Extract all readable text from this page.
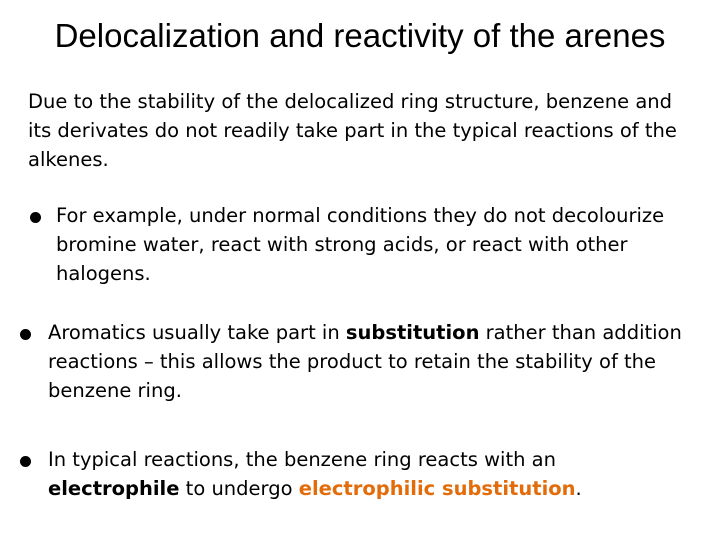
Delocalization and reactivity of the arenes
Due to the stability of the delocalized ring structure, benzene and its derivates do not readily take part in the typical reactions of the alkenes.
For example, under normal conditions they do not decolourize bromine water, react with strong acids, or react with other halogens.
Aromatics usually take part in substitution rather than addition reactions – this allows the product to retain the stability of the benzene ring.
In typical reactions, the benzene ring reacts with an electrophile to undergo electrophilic substitution.
